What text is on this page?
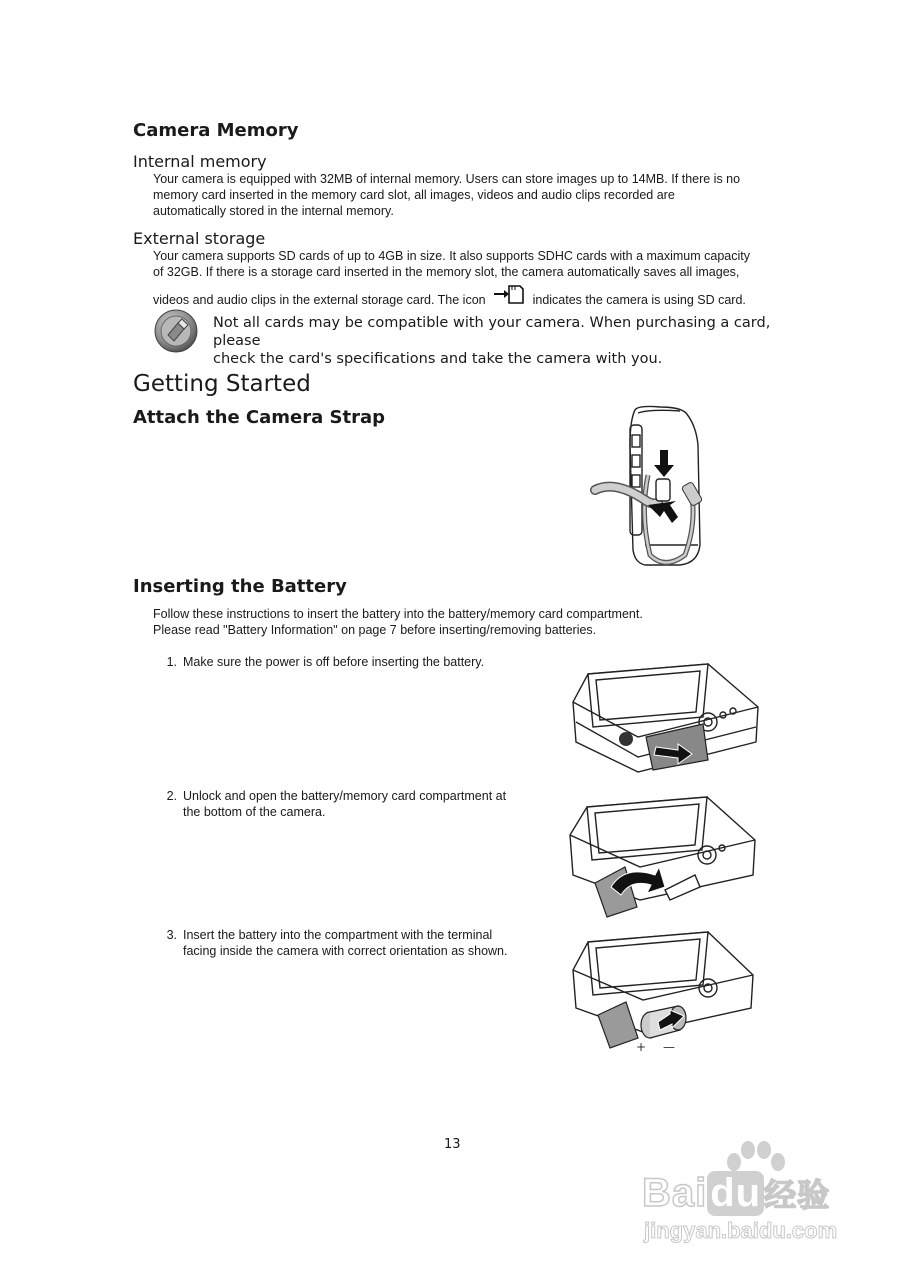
Camera Memory
Internal memory
Your camera is equipped with 32MB of internal memory. Users can store images up to 14MB. If there is no
memory card inserted in the memory card slot, all images, videos and audio clips recorded are
automatically stored in the internal memory.
External storage
Your camera supports SD cards of up to 4GB in size. It also supports SDHC cards with a maximum capacity
of 32GB. If there is a storage card inserted in the memory slot, the camera automatically saves all images,
videos and audio clips in the external storage card. The icon	indicates the camera is using SD card.
Not all cards may be compatible with your camera. When purchasing a card, please
check the card's specifications and take the camera with you.
Getting Started
Attach the Camera Strap
Inserting the Battery
Follow these instructions to insert the battery into the battery/memory card compartment.
Please read "Battery Information" on page 7 before inserting/removing batteries.
1. Make sure the power is off before inserting the battery.
2. Unlock and open the battery/memory card compartment at
the bottom of the camera.
3. Insert the battery into the compartment with the terminal
facing inside the camera with correct orientation as shown.
+ —
13
Baidu经验
jingyan.baidu.com
